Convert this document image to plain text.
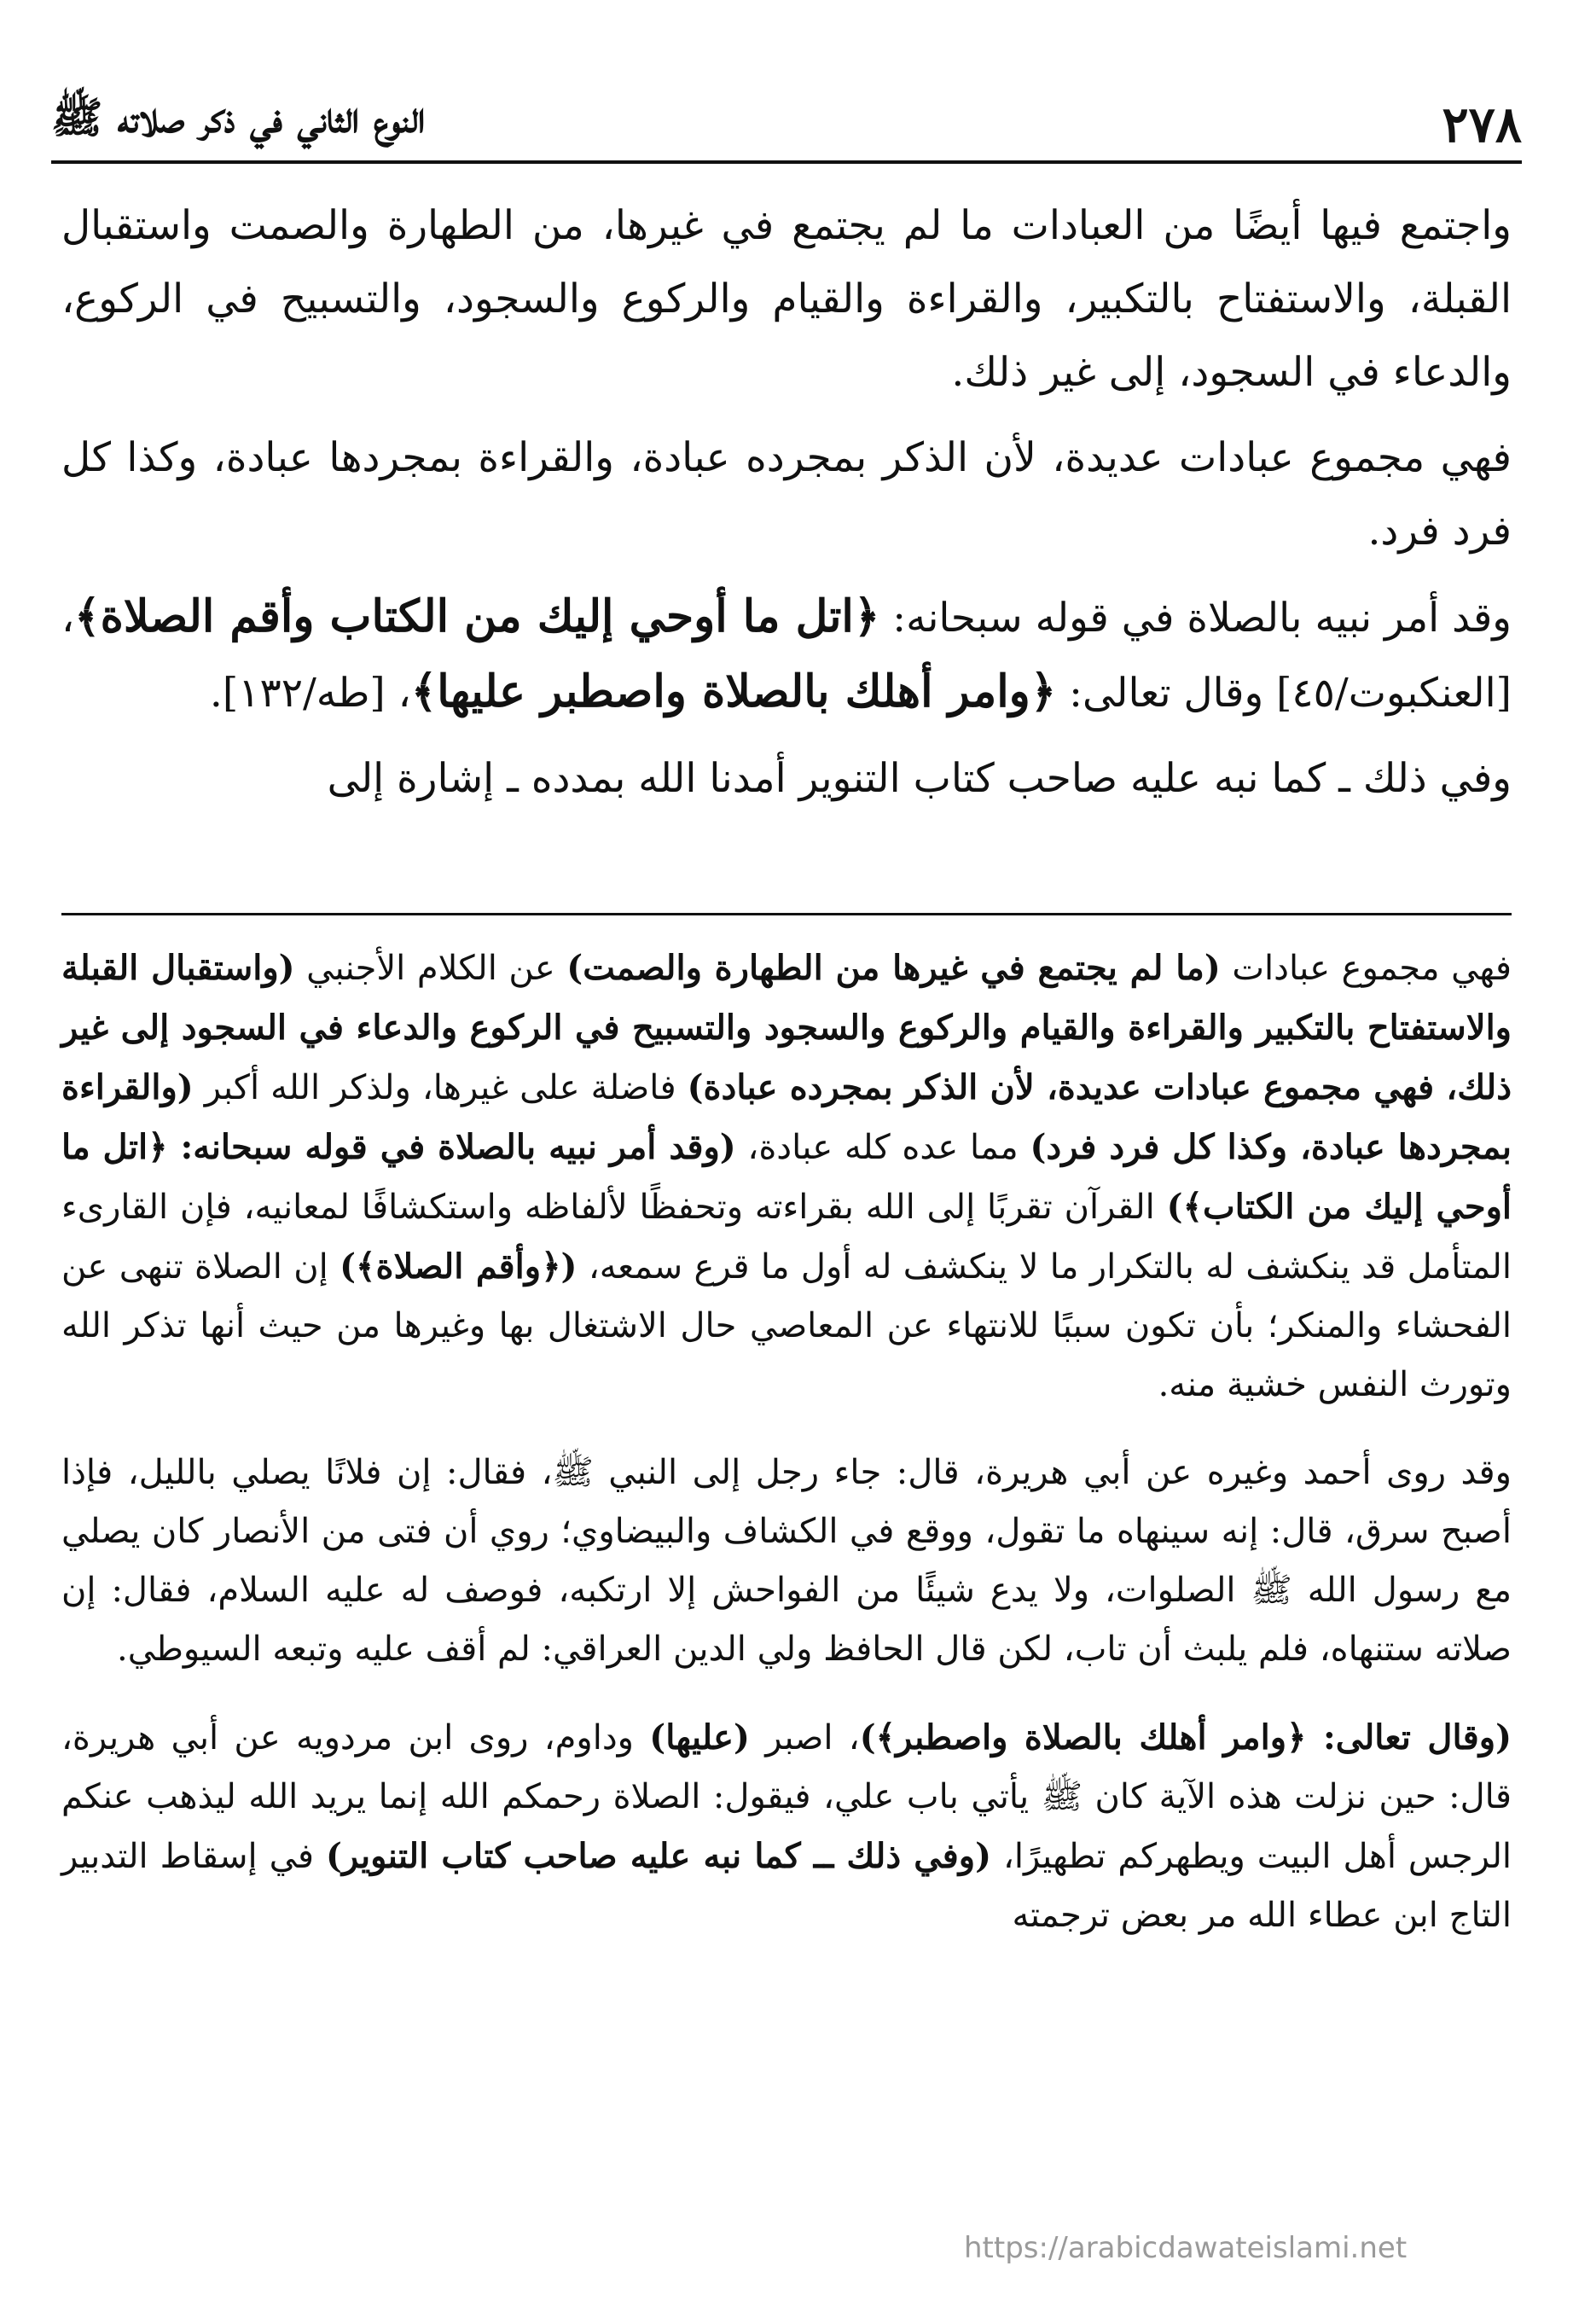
٢٧٨
النوع الثاني في ذكر صلاته ﷺ

واجتمع فيها أيضًا من العبادات ما لم يجتمع في غيرها، من الطهارة والصمت واستقبال القبلة، والاستفتاح بالتكبير، والقراءة والقيام والركوع والسجود، والتسبيح في الركوع، والدعاء في السجود، إلى غير ذلك.

فهي مجموع عبادات عديدة، لأن الذكر بمجرده عبادة، والقراءة بمجردها عبادة، وكذا كل فرد فرد.

وقد أمر نبيه بالصلاة في قوله سبحانه: ﴿اتل ما أوحي إليك من الكتاب وأقم الصلاة﴾، [العنكبوت/٤٥] وقال تعالى: ﴿وامر أهلك بالصلاة واصطبر عليها﴾، [طه/١٣٢].

وفي ذلك ـ كما نبه عليه صاحب كتاب التنوير أمدنا الله بمدده ـ إشارة إلى

فهي مجموع عبادات (ما لم يجتمع في غيرها من الطهارة والصمت) عن الكلام الأجنبي (واستقبال القبلة والاستفتاح بالتكبير والقراءة والقيام والركوع والسجود والتسبيح في الركوع والدعاء في السجود إلى غير ذلك، فهي مجموع عبادات عديدة، لأن الذكر بمجرده عبادة) فاضلة على غيرها، ولذكر الله أكبر (والقراءة بمجردها عبادة، وكذا كل فرد فرد) مما عده كله عبادة، (وقد أمر نبيه بالصلاة في قوله سبحانه: ﴿اتل ما أوحي إليك من الكتاب﴾) القرآن تقربًا إلى الله بقراءته وتحفظًا لألفاظه واستكشافًا لمعانيه، فإن القارىء المتأمل قد ينكشف له بالتكرار ما لا ينكشف له أول ما قرع سمعه، (﴿وأقم الصلاة﴾) إن الصلاة تنهى عن الفحشاء والمنكر؛ بأن تكون سببًا للانتهاء عن المعاصي حال الاشتغال بها وغيرها من حيث أنها تذكر الله وتورث النفس خشية منه.

وقد روى أحمد وغيره عن أبي هريرة، قال: جاء رجل إلى النبي ﷺ، فقال: إن فلانًا يصلي بالليل، فإذا أصبح سرق، قال: إنه سينهاه ما تقول، ووقع في الكشاف والبيضاوي؛ روي أن فتى من الأنصار كان يصلي مع رسول الله ﷺ الصلوات، ولا يدع شيئًا من الفواحش إلا ارتكبه، فوصف له عليه السلام، فقال: إن صلاته ستنهاه، فلم يلبث أن تاب، لكن قال الحافظ ولي الدين العراقي: لم أقف عليه وتبعه السيوطي.

(وقال تعالى: ﴿وامر أهلك بالصلاة واصطبر﴾)، اصبر (عليها) وداوم، روى ابن مردويه عن أبي هريرة، قال: حين نزلت هذه الآية كان ﷺ يأتي باب علي، فيقول: الصلاة رحمكم الله إنما يريد الله ليذهب عنكم الرجس أهل البيت ويطهركم تطهيرًا، (وفي ذلك ــ كما نبه عليه صاحب كتاب التنوير) في إسقاط التدبير التاج ابن عطاء الله مر بعض ترجمته

https://arabicdawateislami.net
